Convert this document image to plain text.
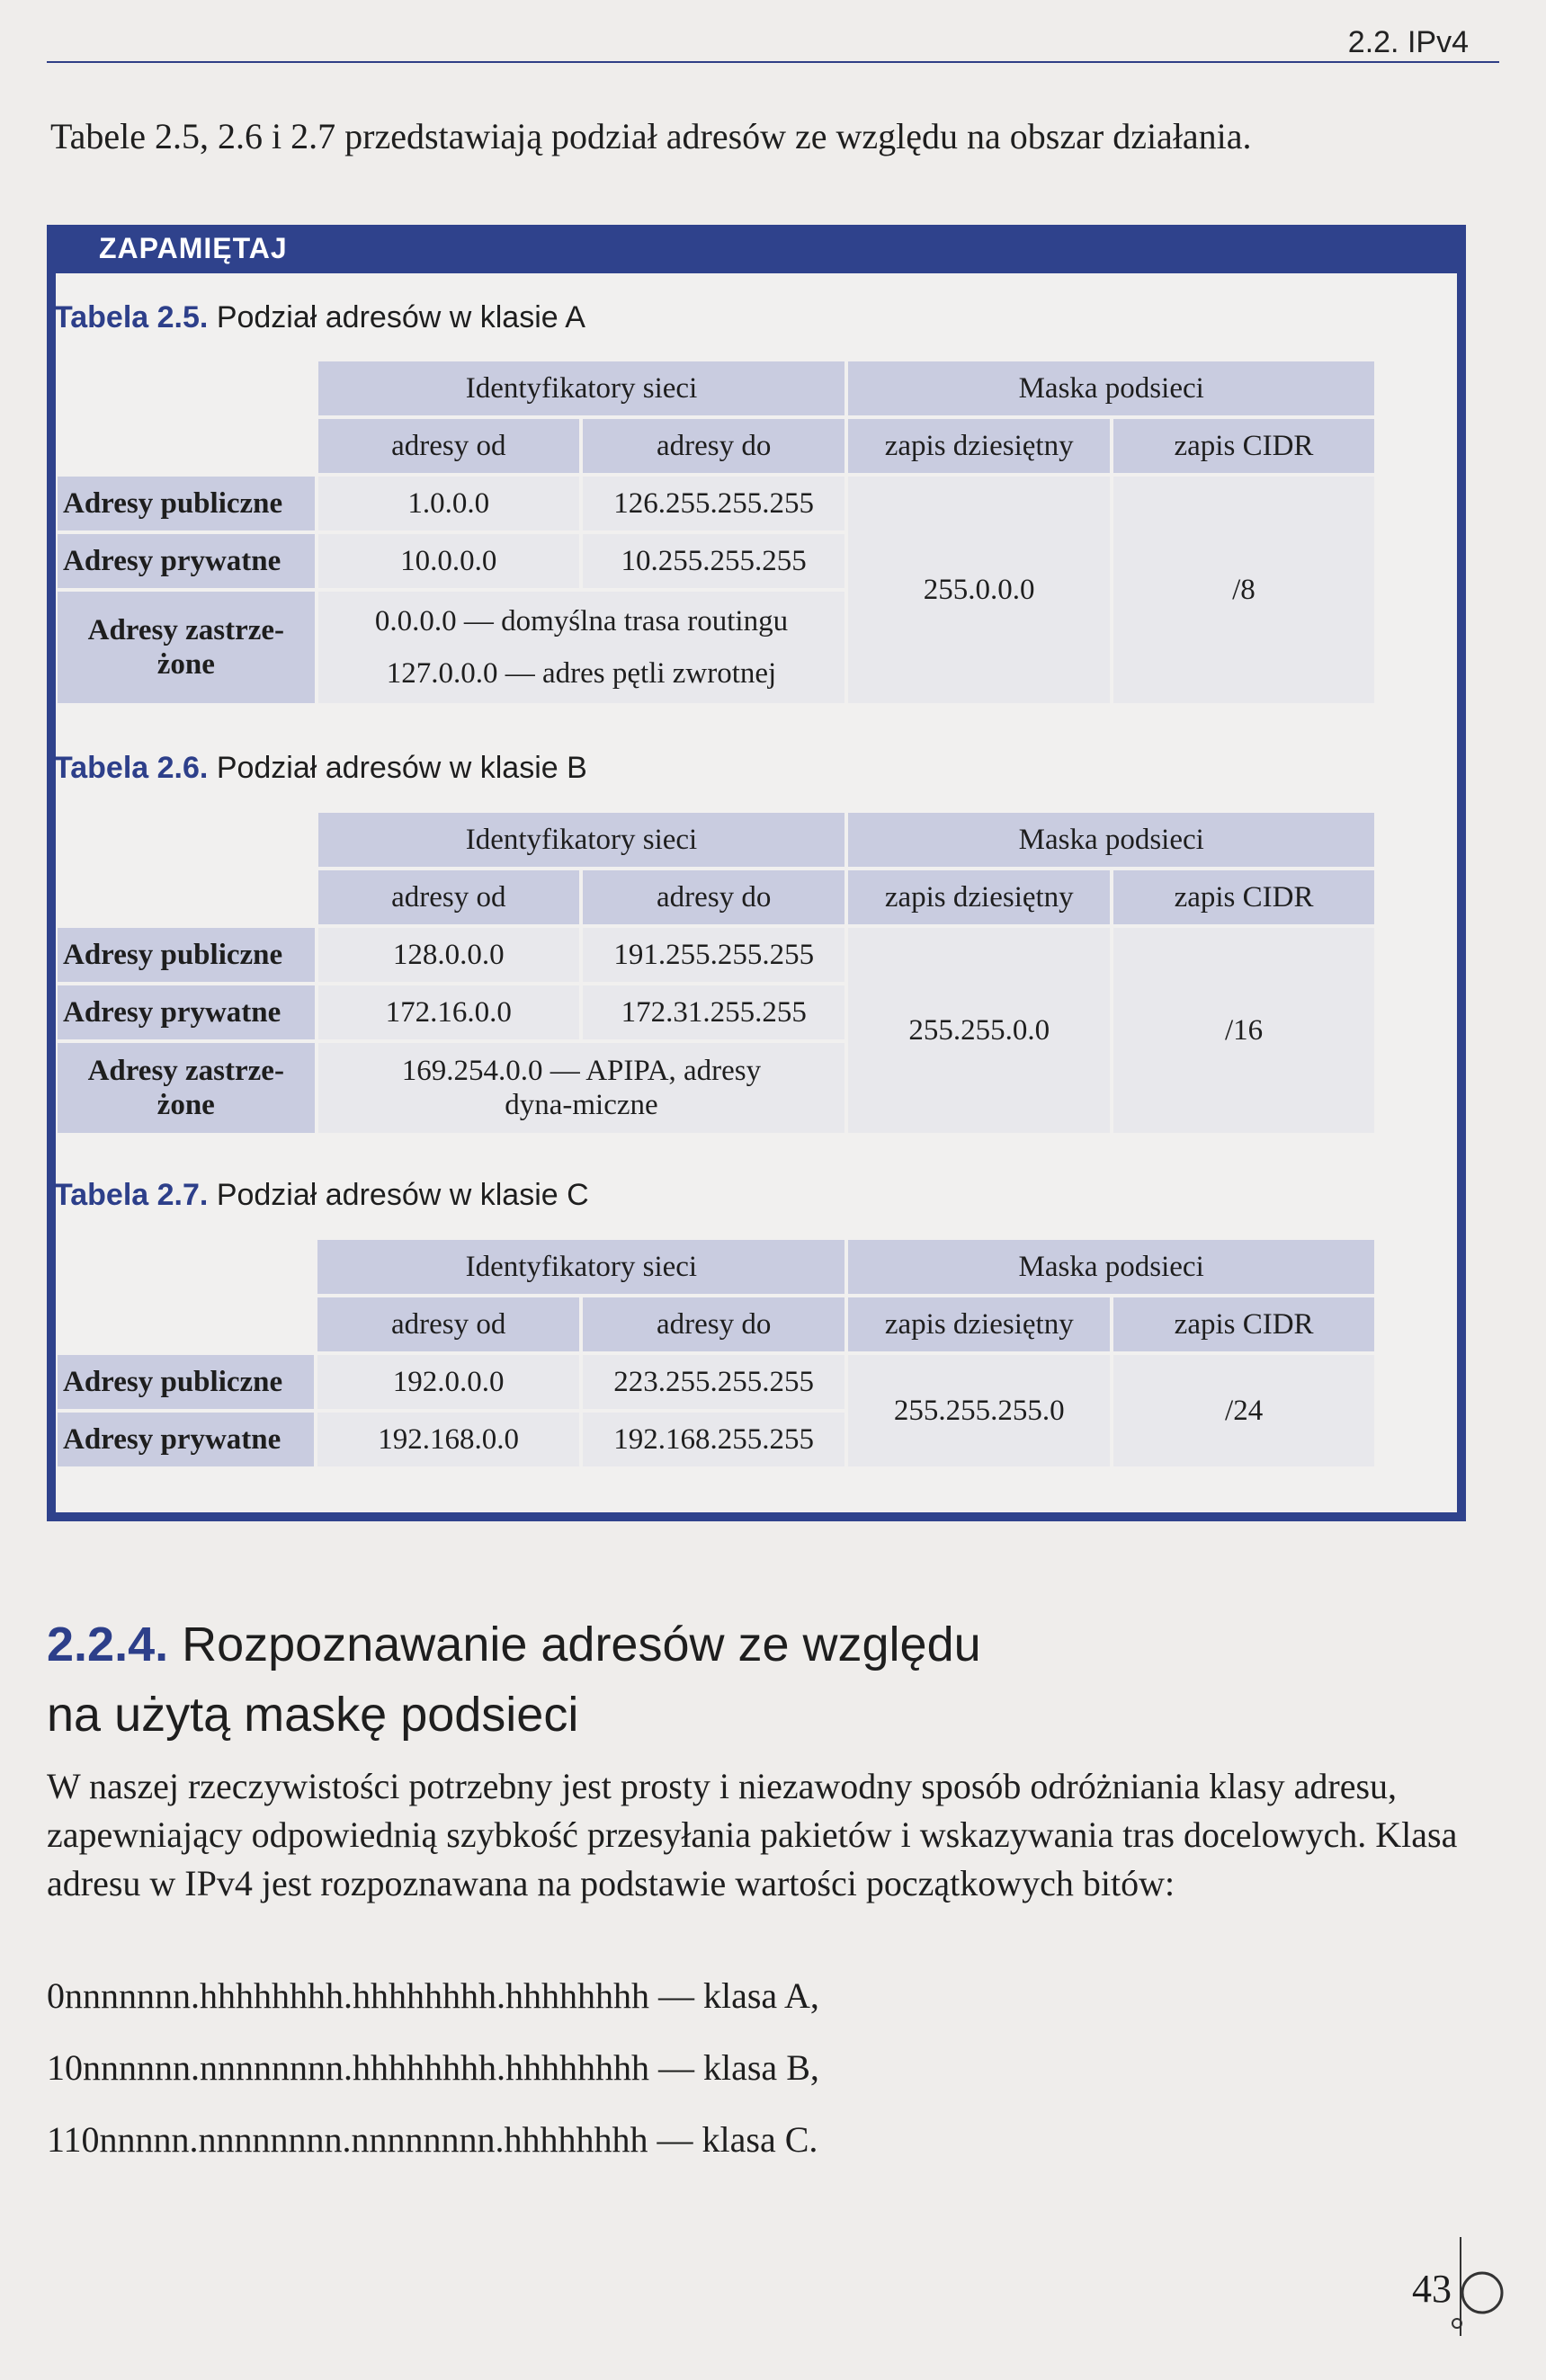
2.2. IPv4
Tabele 2.5, 2.6 i 2.7 przedstawiają podział adresów ze względu na obszar działania.
ZAPAMIĘTAJ
Tabela 2.5. Podział adresów w klasie A
	Identyfikatory sieci		Maska podsieci	
	adresy od	adresy do	zapis dziesiętny	zapis CIDR
Adresy publiczne	1.0.0.0	126.255.255.255	255.0.0.0	/8
Adresy prywatne	10.0.0.0	10.255.255.255		
Adresy zastrze-żone	0.0.0.0 — domyślna trasa routingu
127.0.0.0 — adres pętli zwrotnej			
Tabela 2.6. Podział adresów w klasie B
	Identyfikatory sieci		Maska podsieci	
	adresy od	adresy do	zapis dziesiętny	zapis CIDR
Adresy publiczne	128.0.0.0	191.255.255.255	255.255.0.0	/16
Adresy prywatne	172.16.0.0	172.31.255.255		
Adresy zastrze-żone	169.254.0.0 — APIPA, adresy dyna-miczne			
Tabela 2.7. Podział adresów w klasie C
	Identyfikatory sieci		Maska podsieci	
	adresy od	adresy do	zapis dziesiętny	zapis CIDR
Adresy publiczne	192.0.0.0	223.255.255.255	255.255.255.0	/24
Adresy prywatne	192.168.0.0	192.168.255.255		
2.2.4. Rozpoznawanie adresów ze względu
na użytą maskę podsieci
W naszej rzeczywistości potrzebny jest prosty i niezawodny sposób odróżniania klasy adresu, zapewniający odpowiednią szybkość przesyłania pakietów i wskazywania tras docelowych. Klasa adresu w IPv4 jest rozpoznawana na podstawie wartości początkowych bitów:
0nnnnnnn.hhhhhhhh.hhhhhhhh.hhhhhhhh — klasa A,
10nnnnnn.nnnnnnnn.hhhhhhhh.hhhhhhhh — klasa B,
110nnnnn.nnnnnnnn.nnnnnnnn.hhhhhhhh — klasa C.
43
